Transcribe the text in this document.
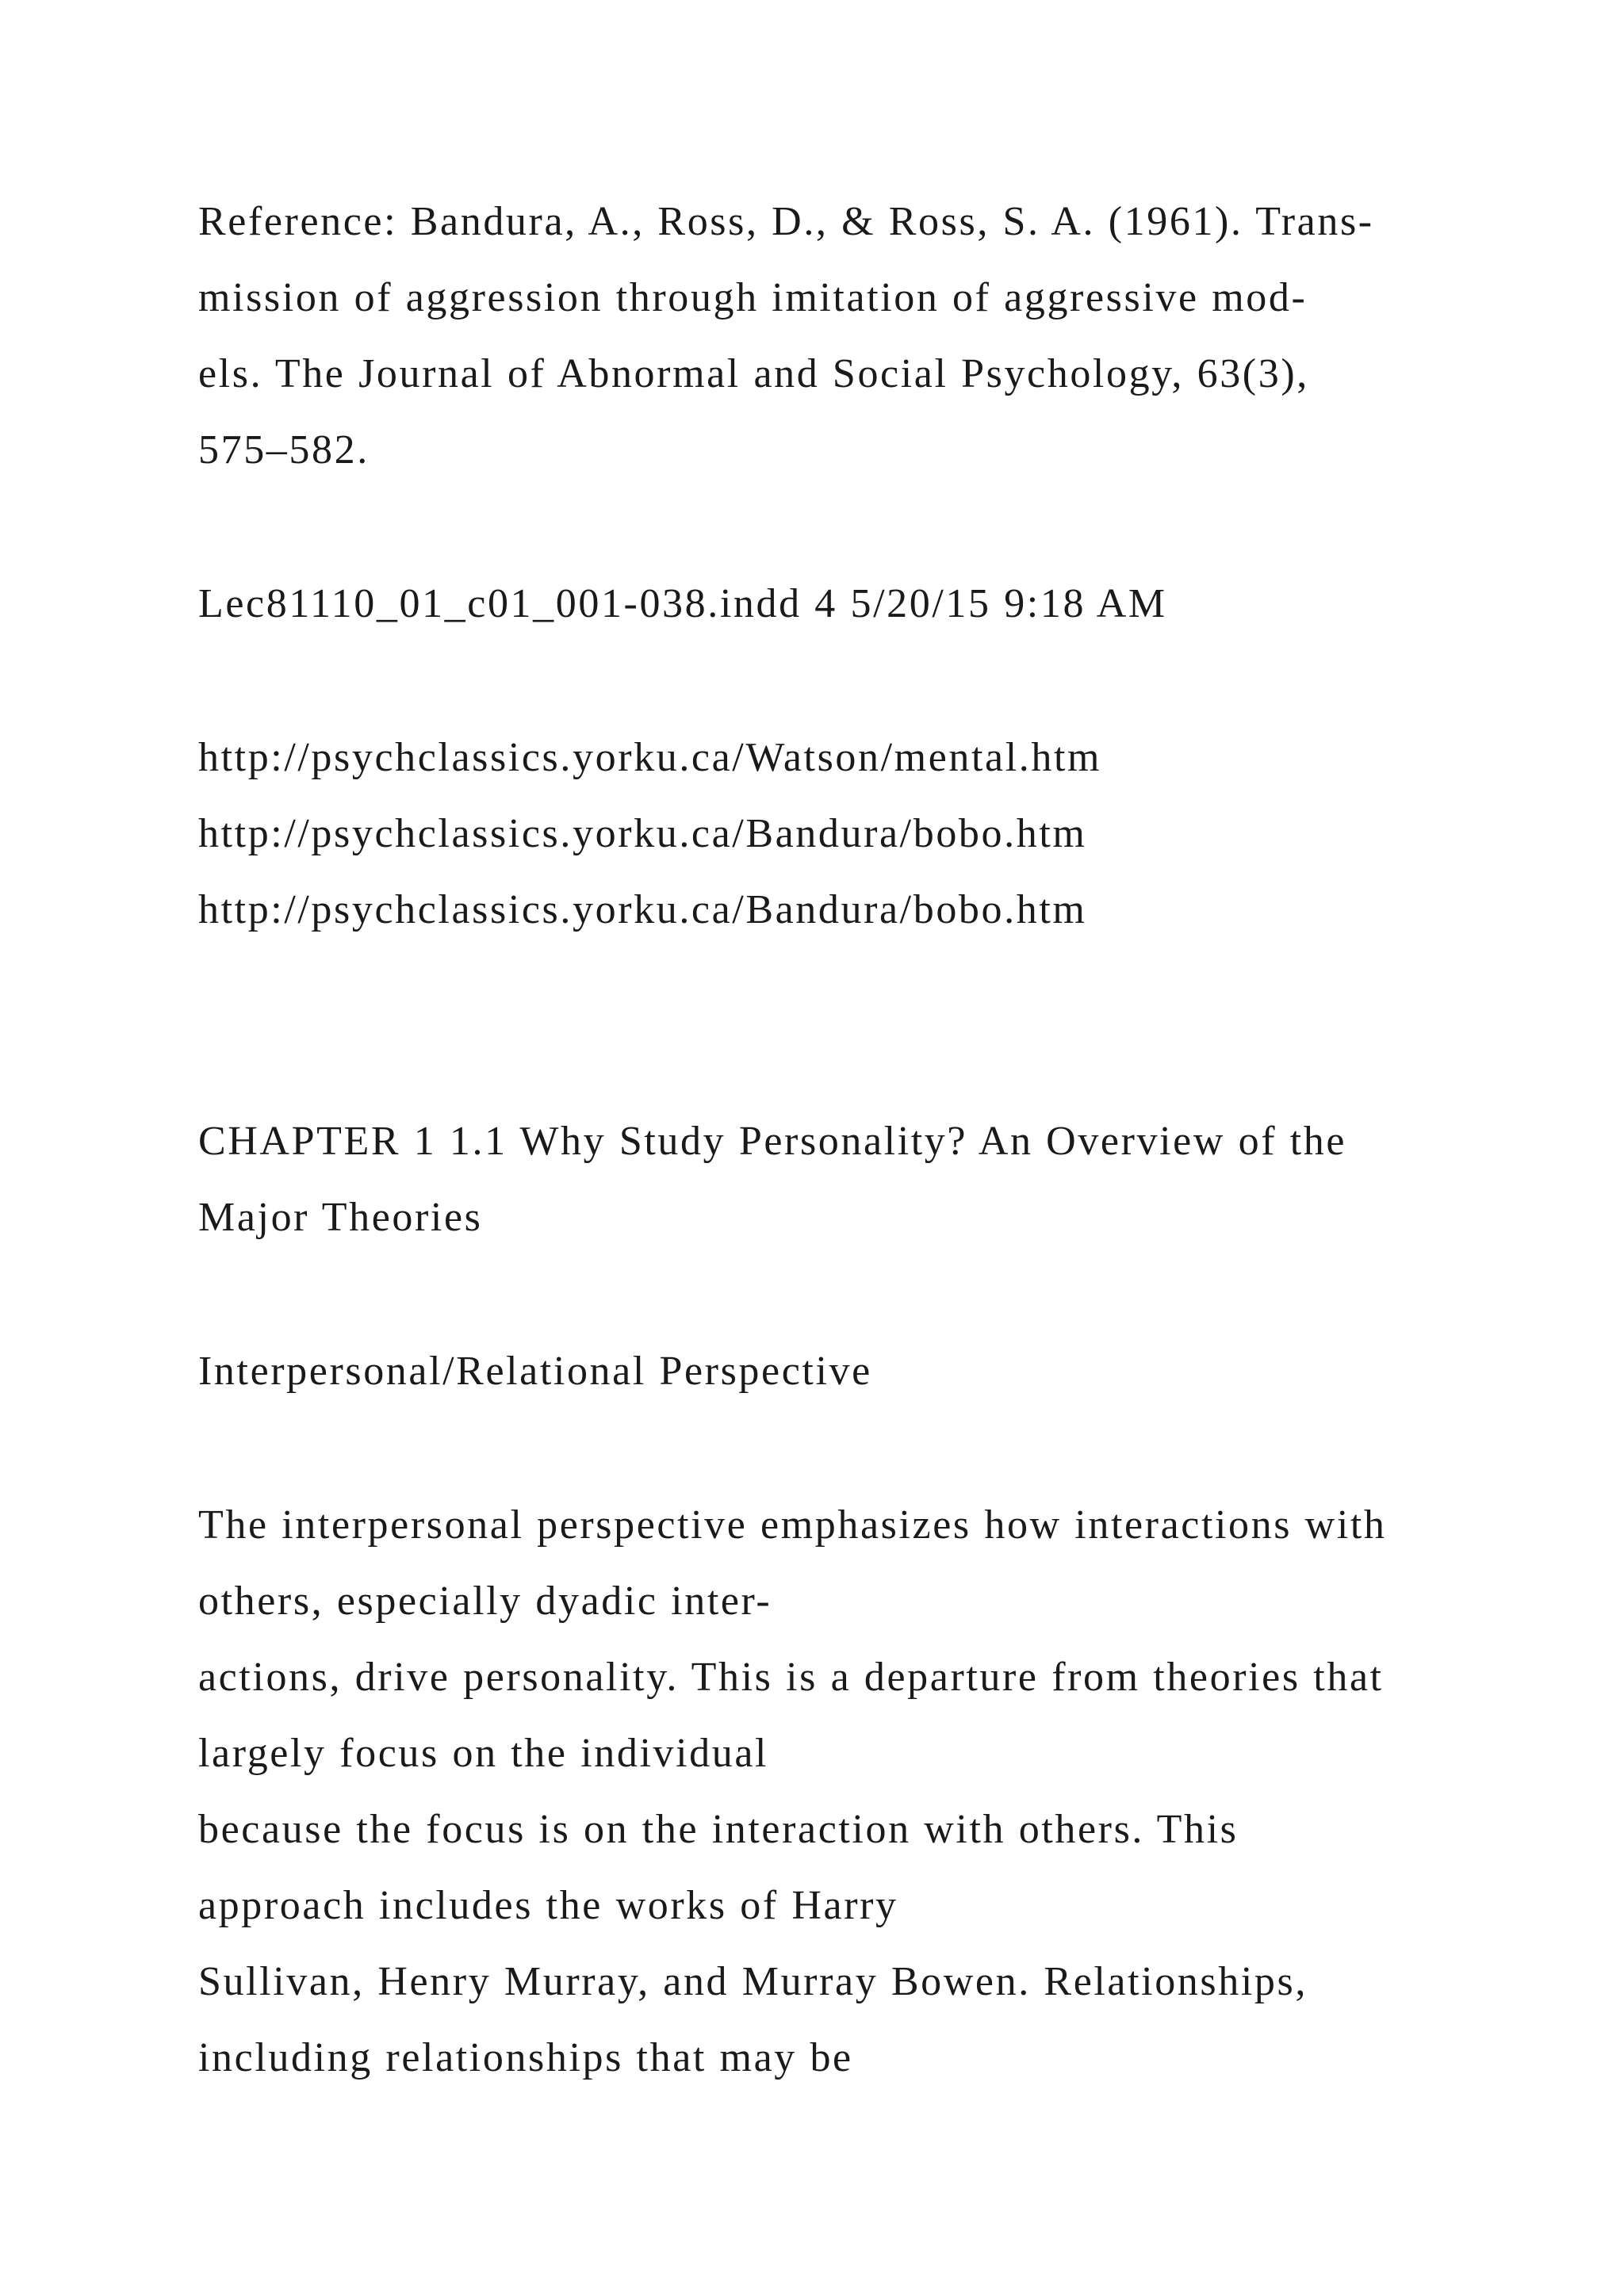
Reference: Bandura, A., Ross, D., & Ross, S. A. (1961). Trans-

mission of aggression through imitation of aggressive mod-

els. The Journal of Abnormal and Social Psychology, 63(3),

575–582.

Lec81110_01_c01_001-038.indd 4 5/20/15 9:18 AM

http://psychclassics.yorku.ca/Watson/mental.htm

http://psychclassics.yorku.ca/Bandura/bobo.htm

http://psychclassics.yorku.ca/Bandura/bobo.htm

CHAPTER 1 1.1 Why Study Personality? An Overview of the

Major Theories

Interpersonal/Relational Perspective

The interpersonal perspective emphasizes how interactions with

others, especially dyadic inter-

actions, drive personality. This is a departure from theories that

largely focus on the individual

because the focus is on the interaction with others. This

approach includes the works of Harry

Sullivan, Henry Murray, and Murray Bowen. Relationships,

including relationships that may be
